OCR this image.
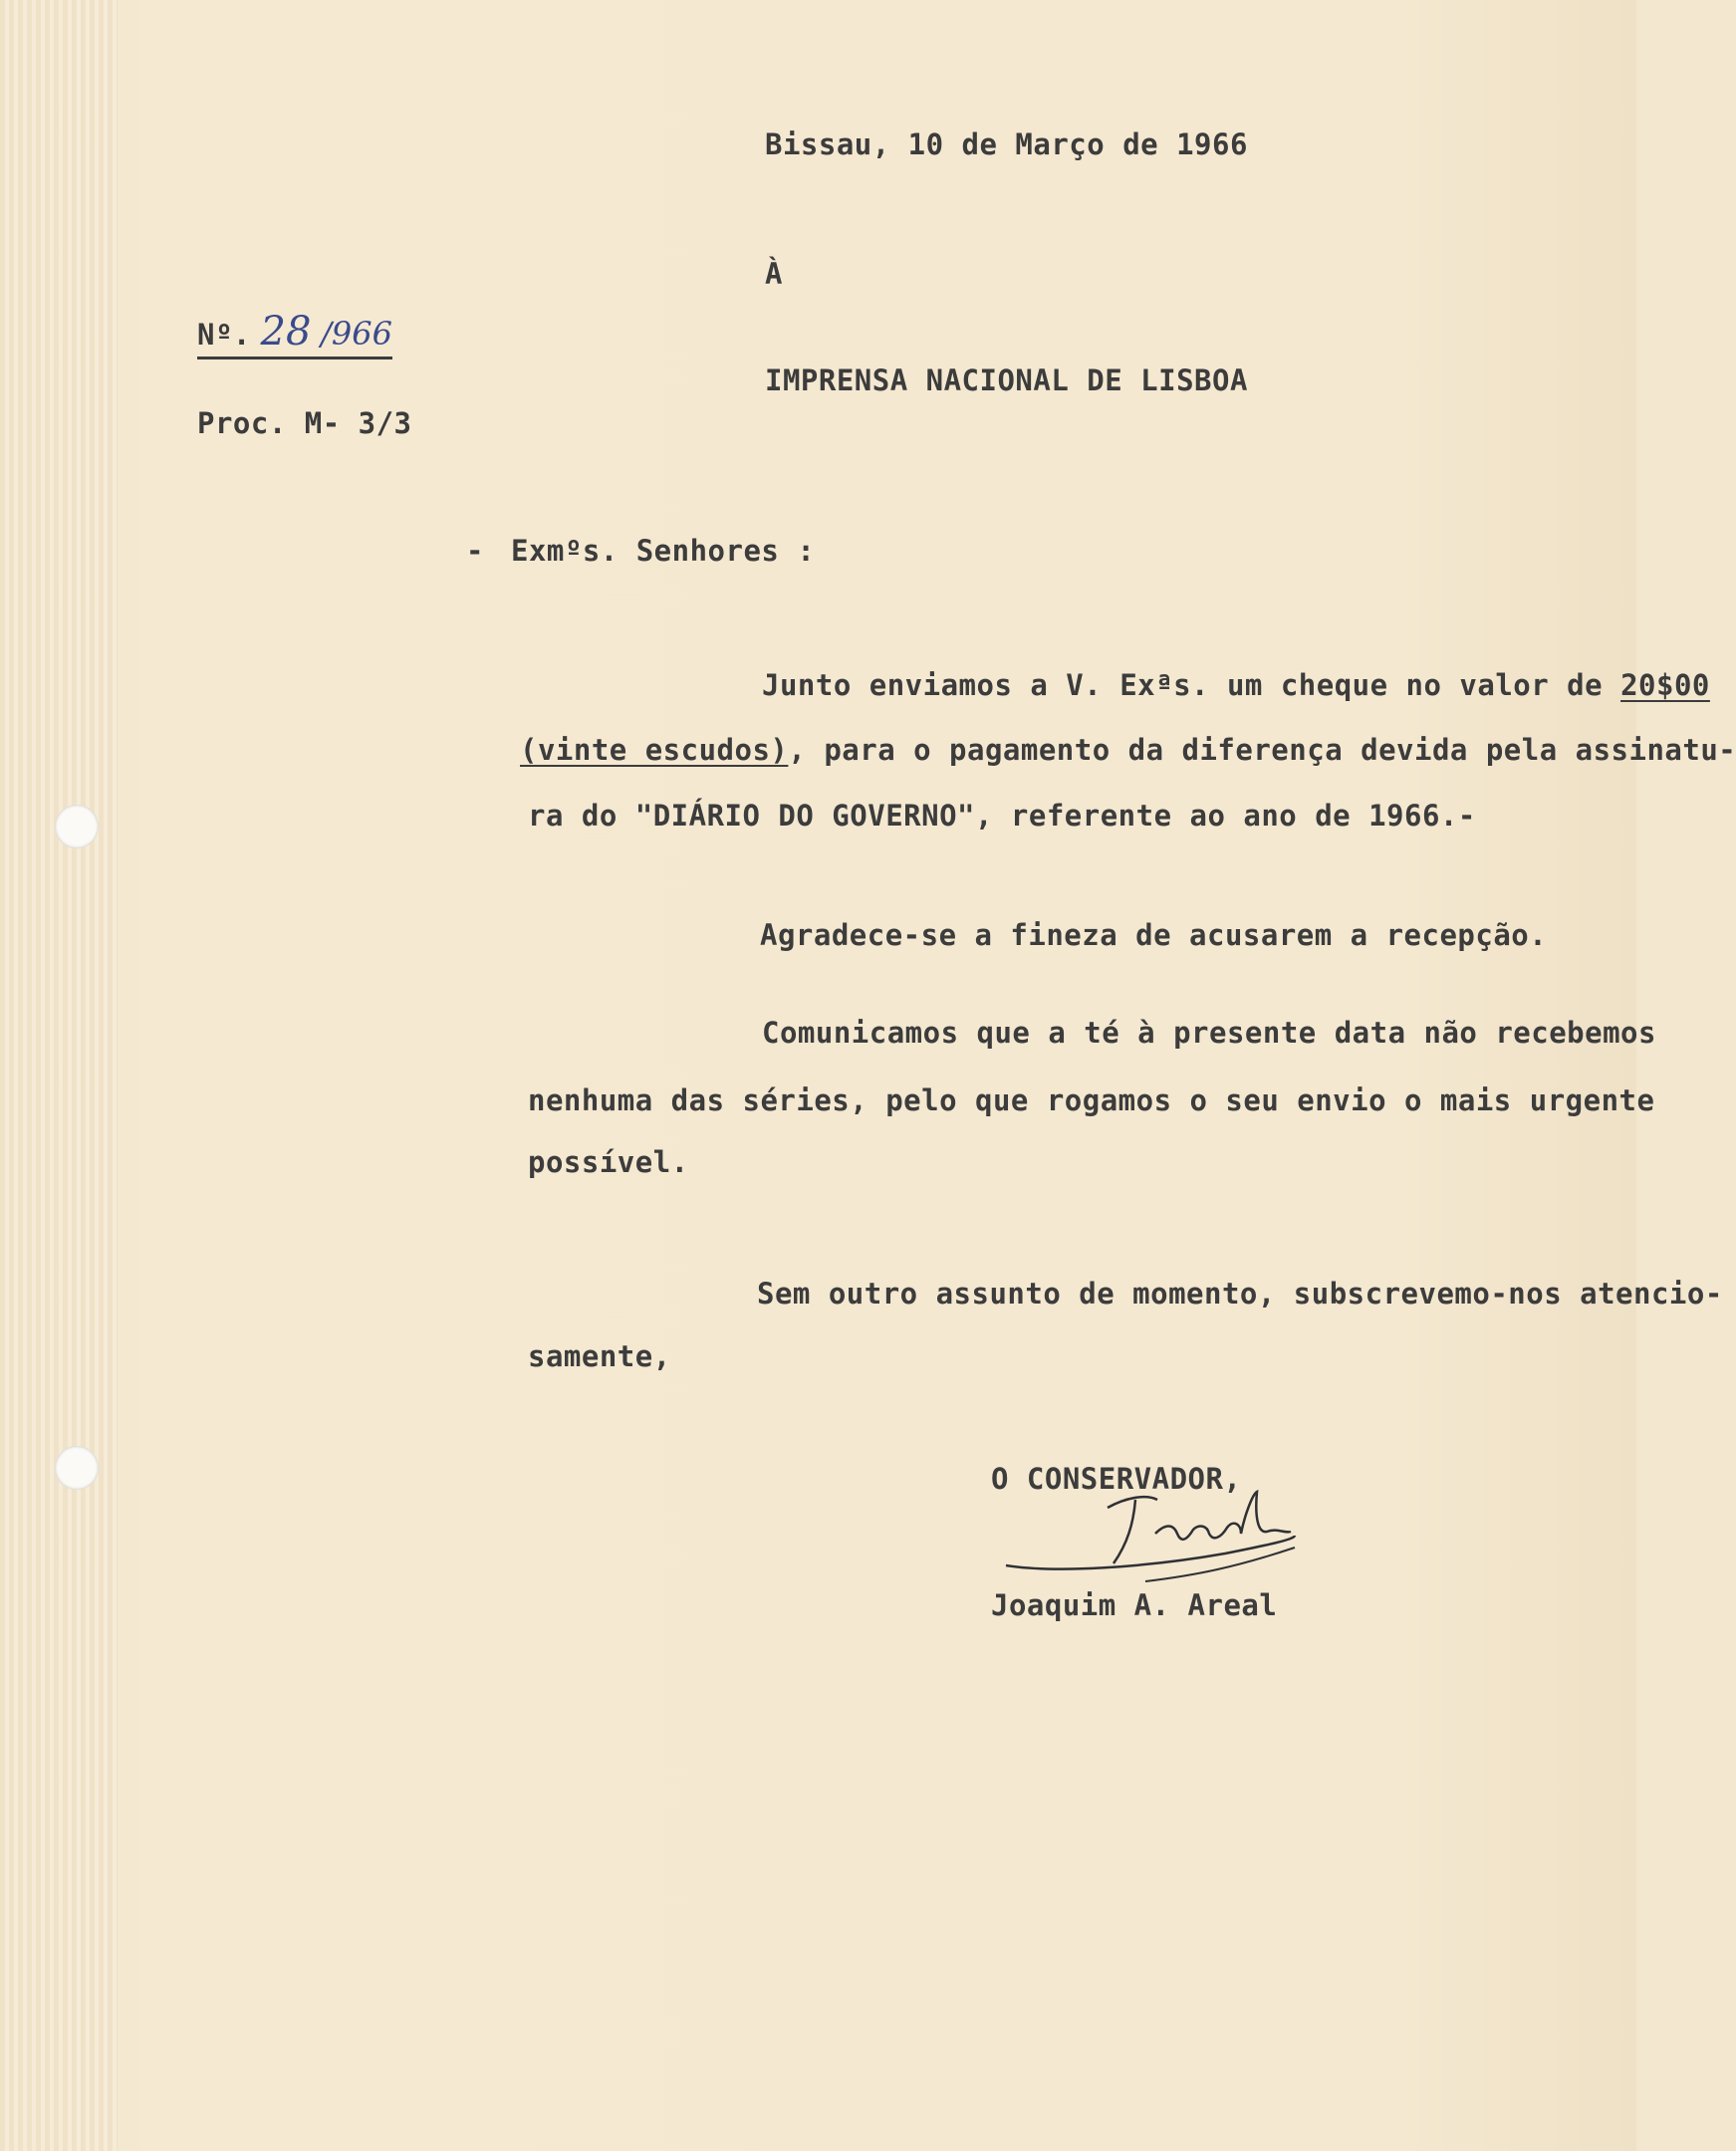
Bissau, 10 de Março de 1966
À
Nº. 28 /966
IMPRENSA NACIONAL DE LISBOA
Proc. M- 3/3
- Exmºs. Senhores :
Junto enviamos a V. Exªs. um cheque no valor de 20$00
(vinte escudos), para o pagamento da diferença devida pela assinatu-
ra do "DIÁRIO DO GOVERNO", referente ao ano de 1966.-
Agradece-se a fineza de acusarem a recepção.
Comunicamos que a té à presente data não recebemos
nenhuma das séries, pelo que rogamos o seu envio o mais urgente
possível.
Sem outro assunto de momento, subscrevemo-nos atencio-
samente,
O CONSERVADOR,
Joaquim A. Areal
